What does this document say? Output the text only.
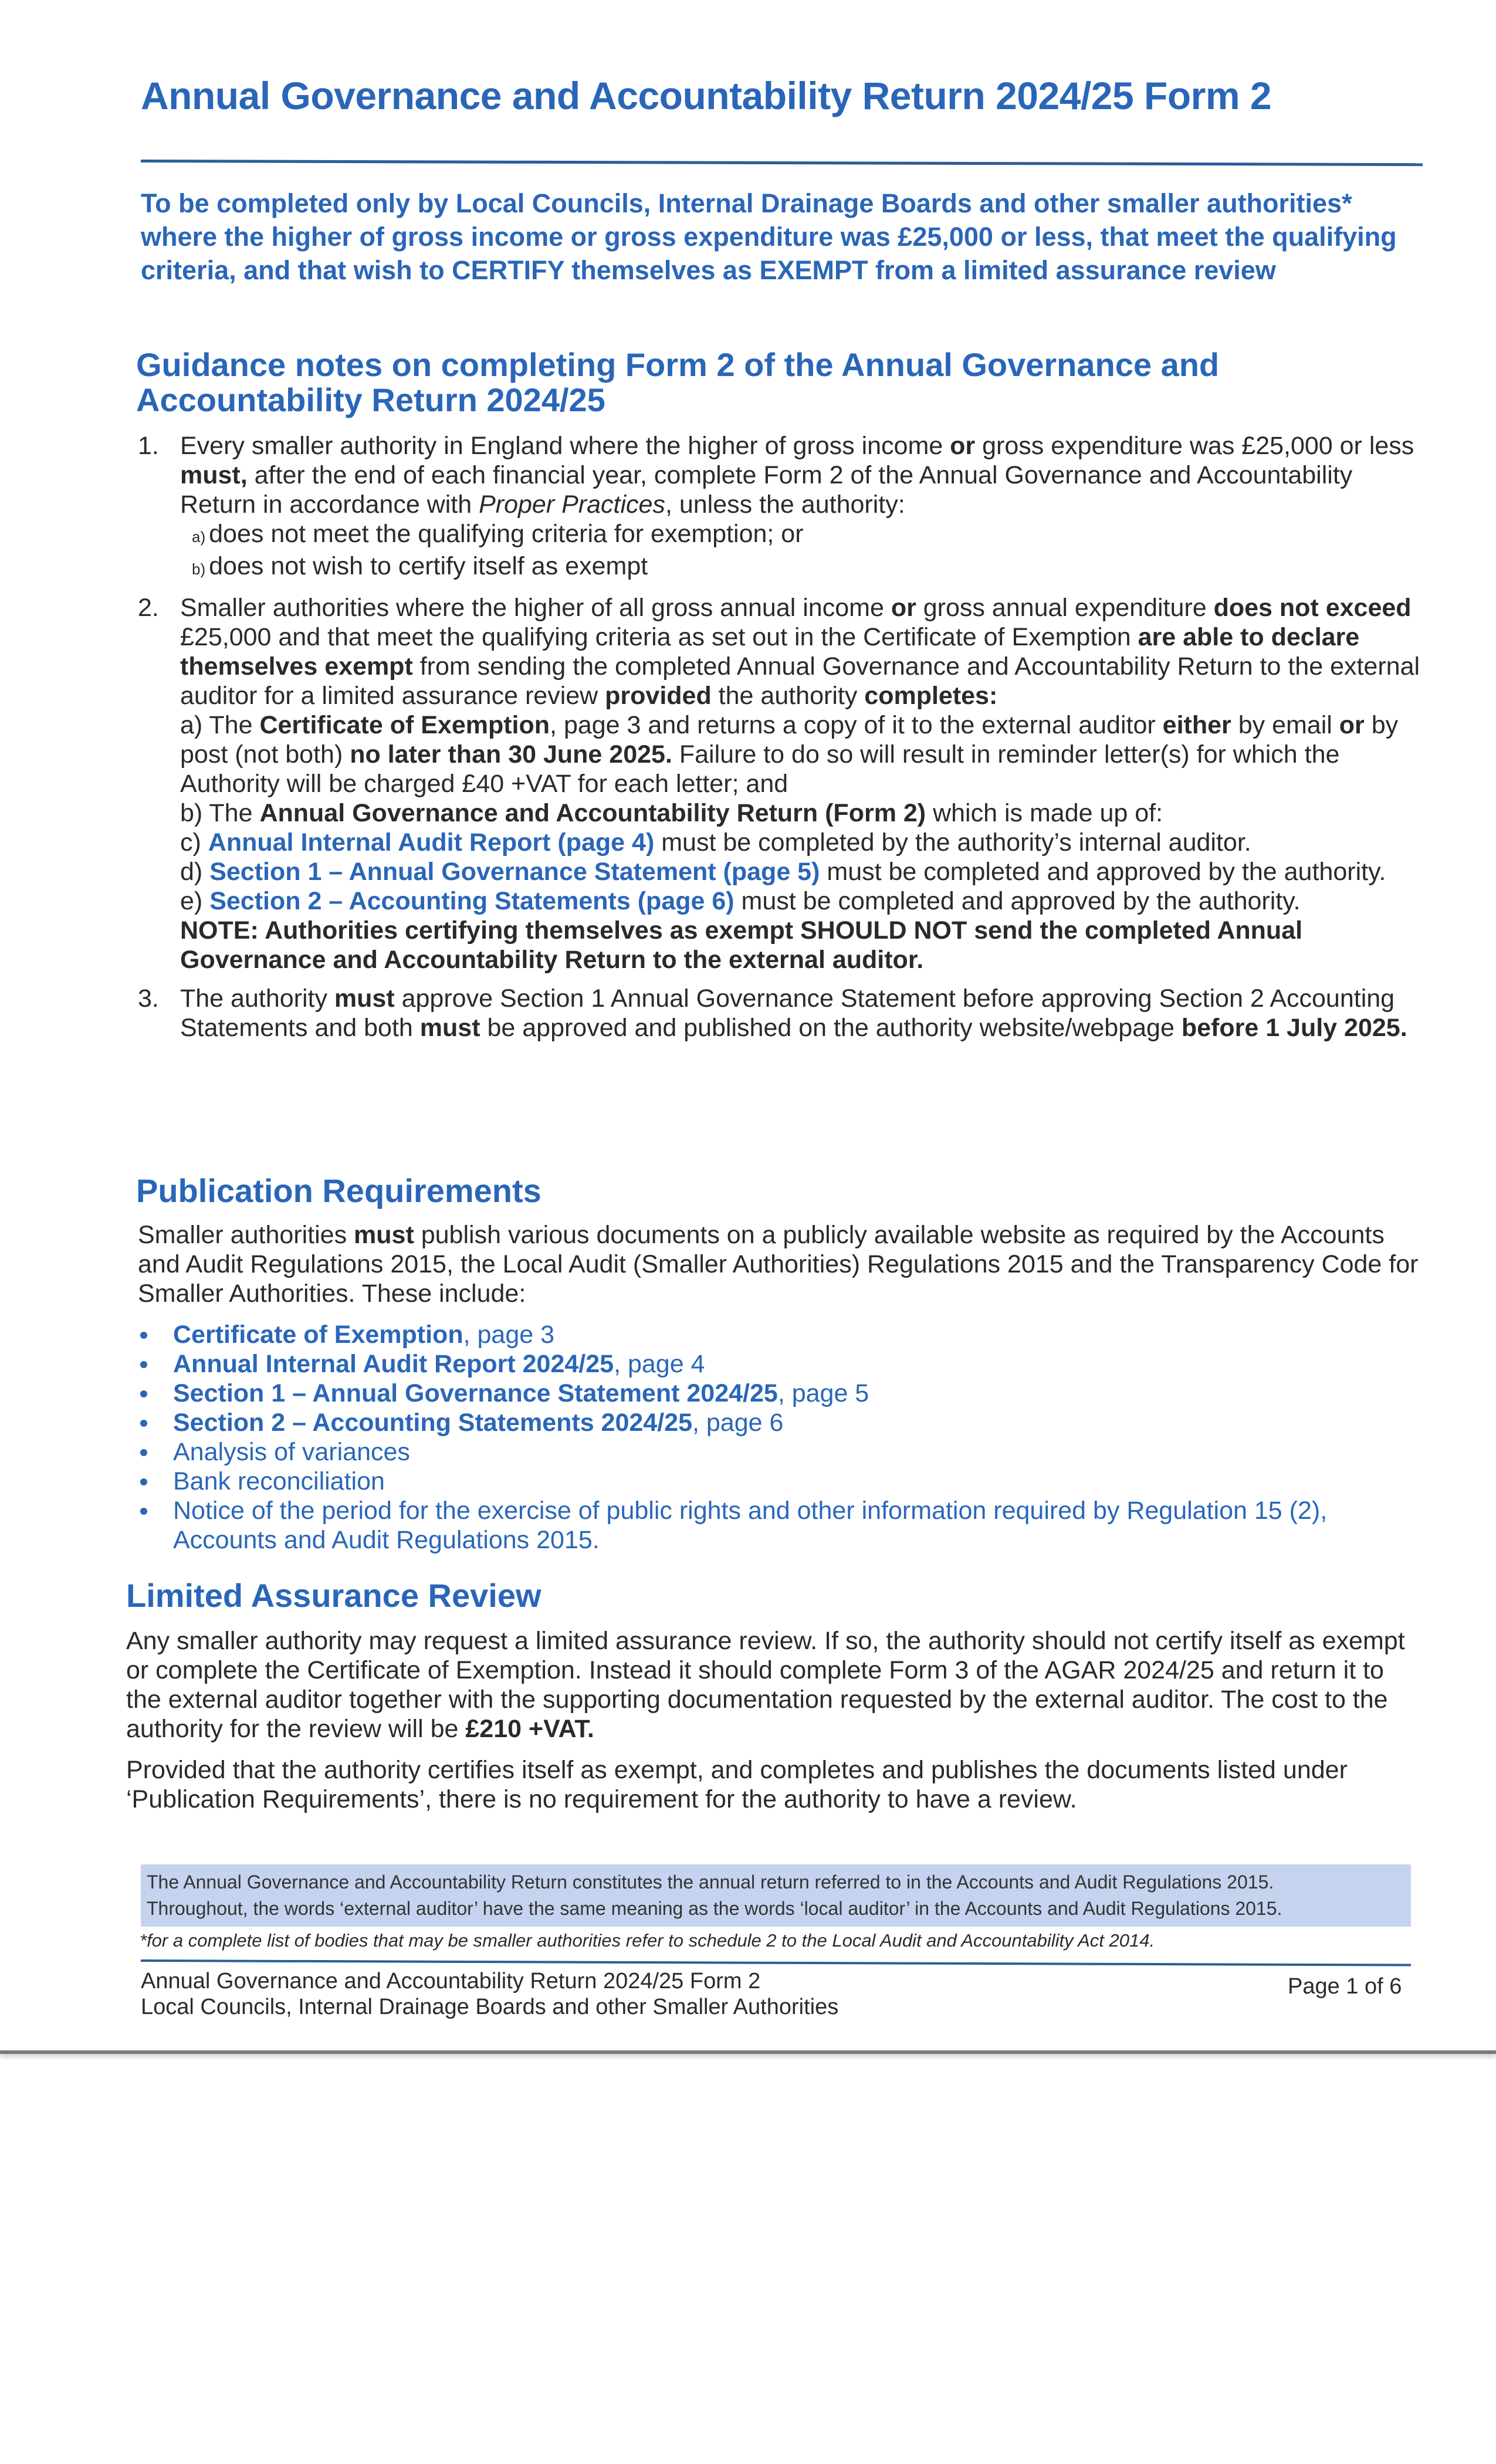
Annual Governance and Accountability Return 2024/25 Form 2
To be completed only by Local Councils, Internal Drainage Boards and other smaller authorities* where the higher of gross income or gross expenditure was £25,000 or less, that meet the qualifying criteria, and that wish to CERTIFY themselves as EXEMPT from a limited assurance review
Guidance notes on completing Form 2 of the Annual Governance and
Accountability Return 2024/25
1. Every smaller authority in England where the higher of gross income or gross expenditure was £25,000 or less must, after the end of each financial year, complete Form 2 of the Annual Governance and Accountability Return in accordance with Proper Practices, unless the authority:
a) does not meet the qualifying criteria for exemption; or
b) does not wish to certify itself as exempt
2. Smaller authorities where the higher of all gross annual income or gross annual expenditure does not exceed £25,000 and that meet the qualifying criteria as set out in the Certificate of Exemption are able to declare themselves exempt from sending the completed Annual Governance and Accountability Return to the external auditor for a limited assurance review provided the authority completes:
a) The Certificate of Exemption, page 3 and returns a copy of it to the external auditor either by email or by post (not both) no later than 30 June 2025. Failure to do so will result in reminder letter(s) for which the Authority will be charged £40 +VAT for each letter; and
b) The Annual Governance and Accountability Return (Form 2) which is made up of:
c) Annual Internal Audit Report (page 4) must be completed by the authority’s internal auditor.
d) Section 1 – Annual Governance Statement (page 5) must be completed and approved by the authority.
e) Section 2 – Accounting Statements (page 6) must be completed and approved by the authority.
NOTE: Authorities certifying themselves as exempt SHOULD NOT send the completed Annual Governance and Accountability Return to the external auditor.
3. The authority must approve Section 1 Annual Governance Statement before approving Section 2 Accounting Statements and both must be approved and published on the authority website/webpage before 1 July 2025.
Publication Requirements
Smaller authorities must publish various documents on a publicly available website as required by the Accounts and Audit Regulations 2015, the Local Audit (Smaller Authorities) Regulations 2015 and the Transparency Code for Smaller Authorities. These include:
Certificate of Exemption, page 3
Annual Internal Audit Report 2024/25, page 4
Section 1 – Annual Governance Statement 2024/25, page 5
Section 2 – Accounting Statements 2024/25, page 6
Analysis of variances
Bank reconciliation
Notice of the period for the exercise of public rights and other information required by Regulation 15 (2), Accounts and Audit Regulations 2015.
Limited Assurance Review
Any smaller authority may request a limited assurance review. If so, the authority should not certify itself as exempt or complete the Certificate of Exemption. Instead it should complete Form 3 of the AGAR 2024/25 and return it to the external auditor together with the supporting documentation requested by the external auditor. The cost to the authority for the review will be £210 +VAT.
Provided that the authority certifies itself as exempt, and completes and publishes the documents listed under ‘Publication Requirements’, there is no requirement for the authority to have a review.
The Annual Governance and Accountability Return constitutes the annual return referred to in the Accounts and Audit Regulations 2015.
Throughout, the words ‘external auditor’ have the same meaning as the words ‘local auditor’ in the Accounts and Audit Regulations 2015.
*for a complete list of bodies that may be smaller authorities refer to schedule 2 to the Local Audit and Accountability Act 2014.
Annual Governance and Accountability Return 2024/25 Form 2
Local Councils, Internal Drainage Boards and other Smaller Authorities
Page 1 of 6
